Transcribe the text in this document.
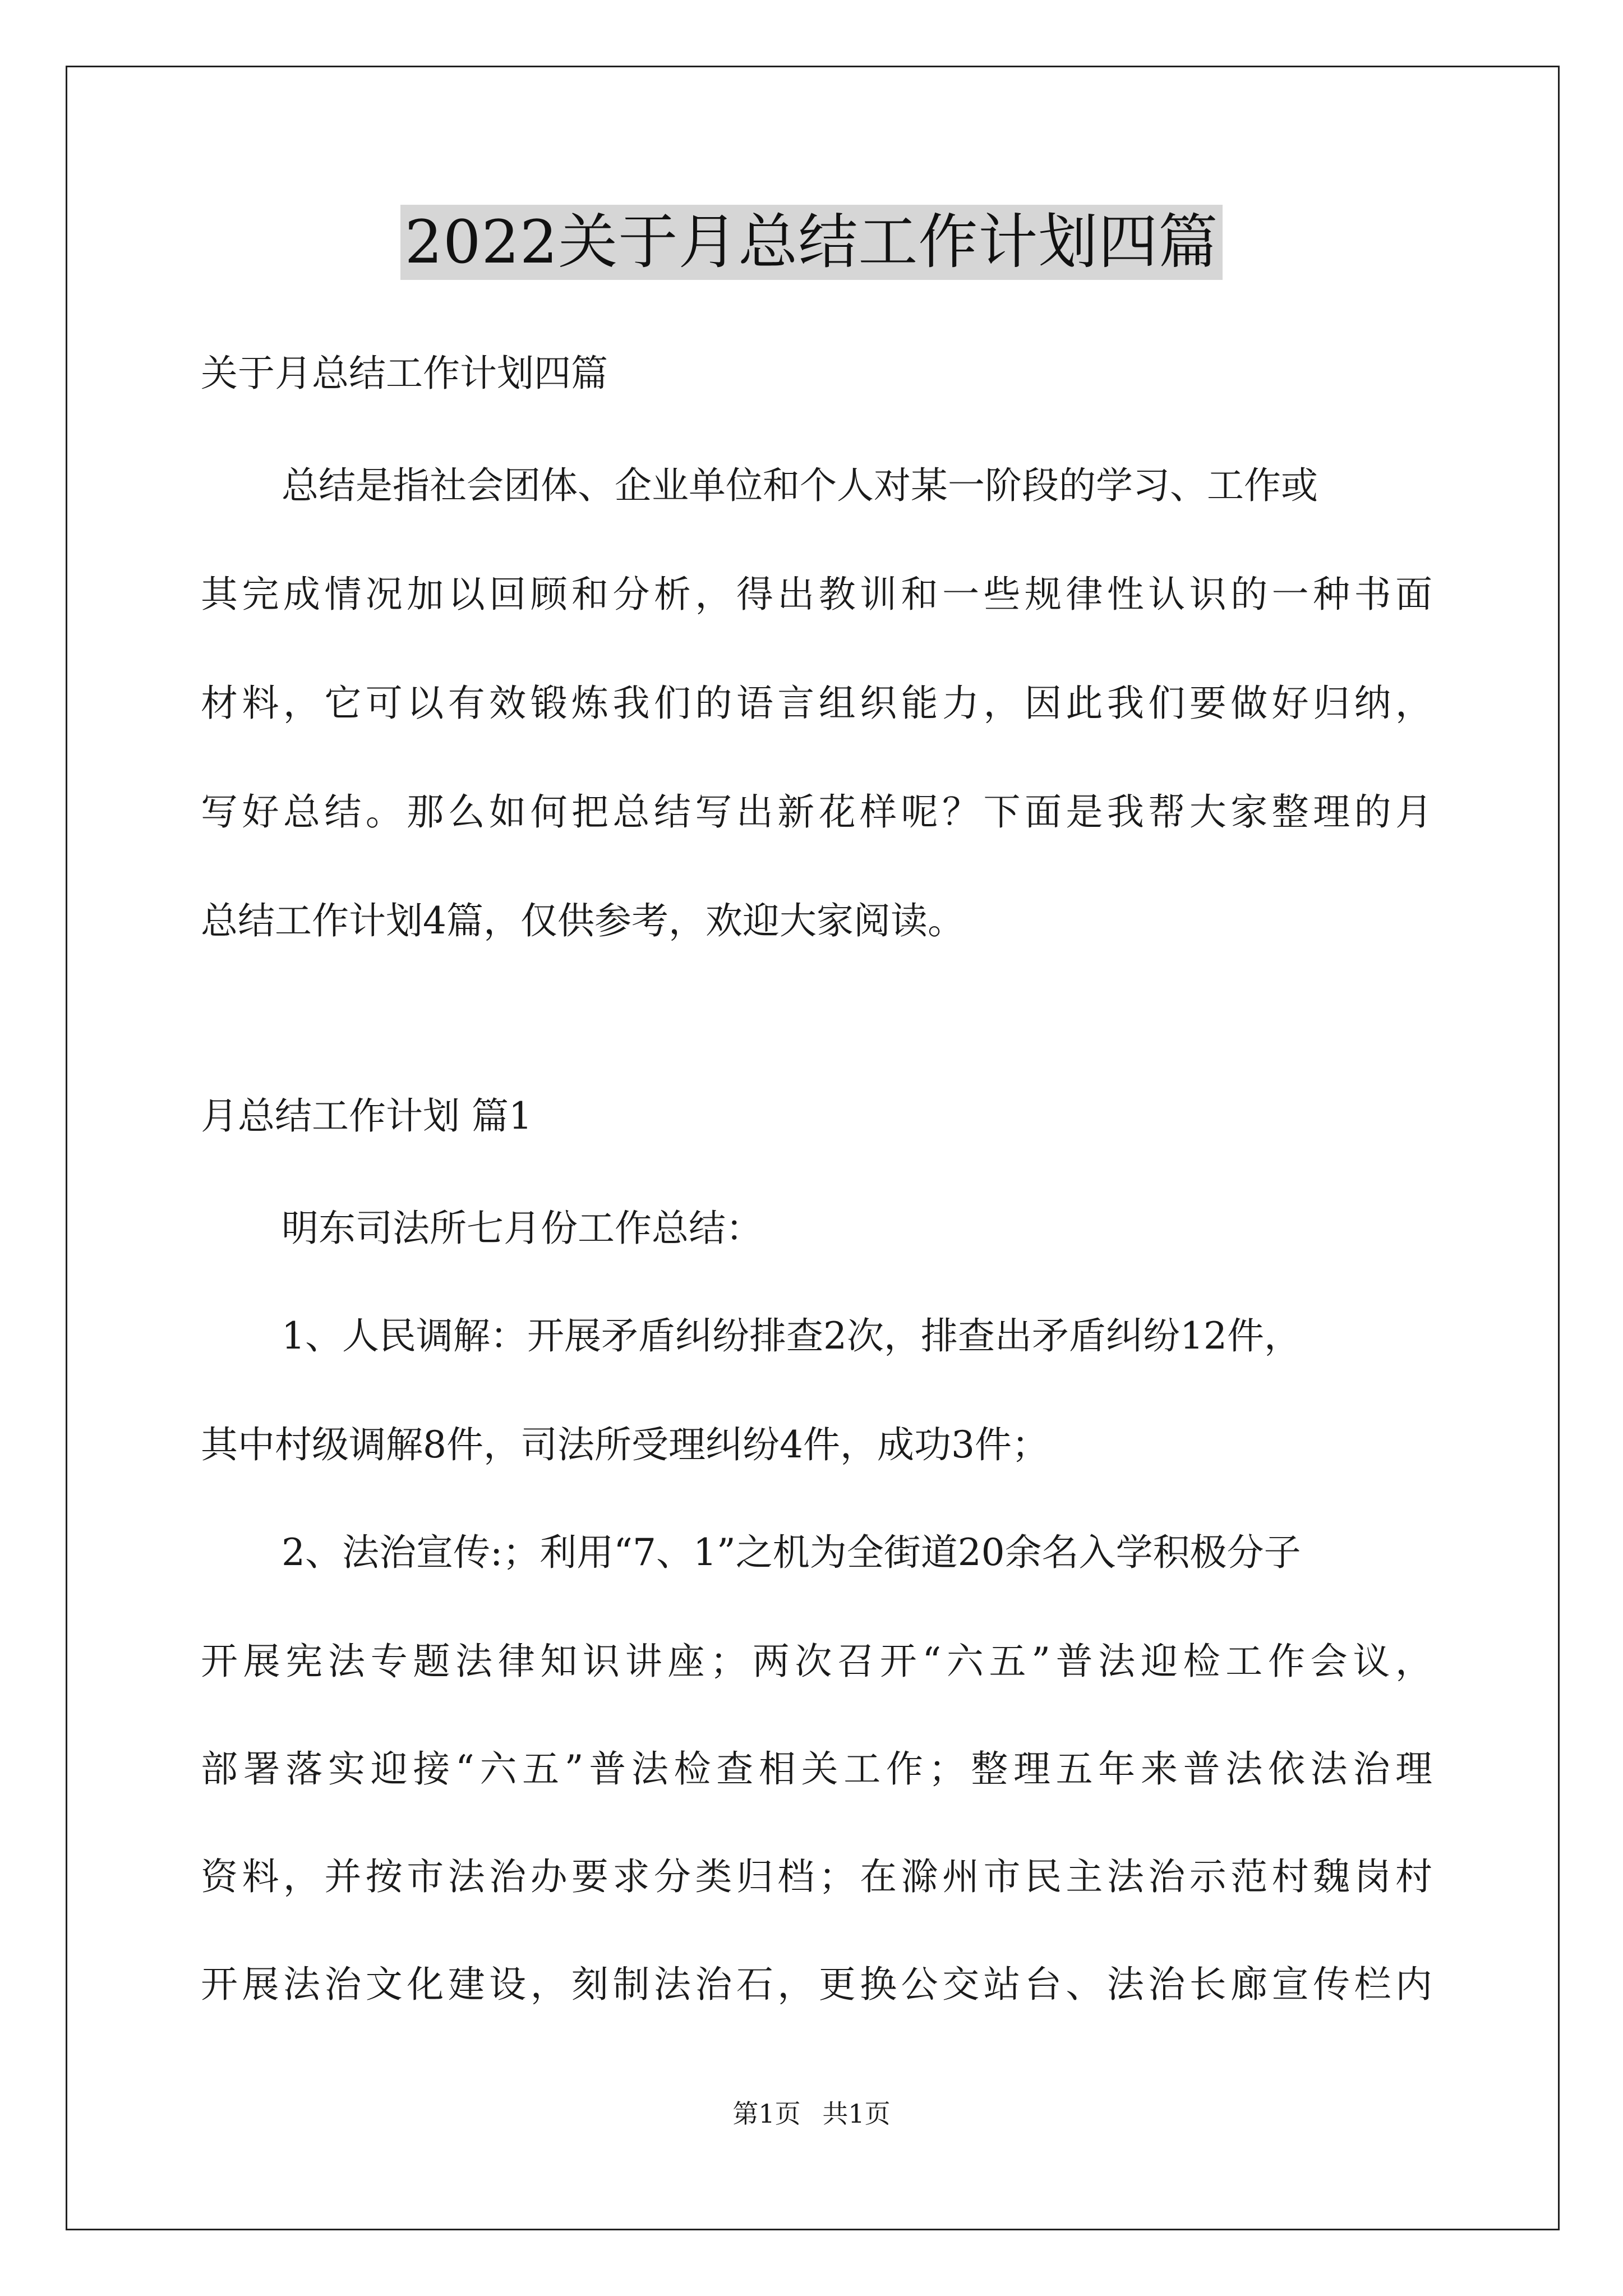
2022关于月总结工作计划四篇
关于月总结工作计划四篇
总结是指社会团体、企业单位和个人对某一阶段的学习、工作或
其完成情况加以回顾和分析，得出教训和一些规律性认识的一种书面
材料，它可以有效锻炼我们的语言组织能力，因此我们要做好归纳，
写好总结。那么如何把总结写出新花样呢？下面是我帮大家整理的月
总结工作计划4篇，仅供参考，欢迎大家阅读。
月总结工作计划 篇1
明东司法所七月份工作总结：
1、人民调解：开展矛盾纠纷排查2次，排查出矛盾纠纷12件，
其中村级调解8件，司法所受理纠纷4件，成功3件；
2、法治宣传:；利用“7、1”之机为全街道20余名入学积极分子
开展宪法专题法律知识讲座；两次召开“六五”普法迎检工作会议，
部署落实迎接“六五”普法检查相关工作；整理五年来普法依法治理
资料，并按市法治办要求分类归档；在滁州市民主法治示范村魏岗村
开展法治文化建设，刻制法治石，更换公交站台、法治长廊宣传栏内
第1页 共1页
